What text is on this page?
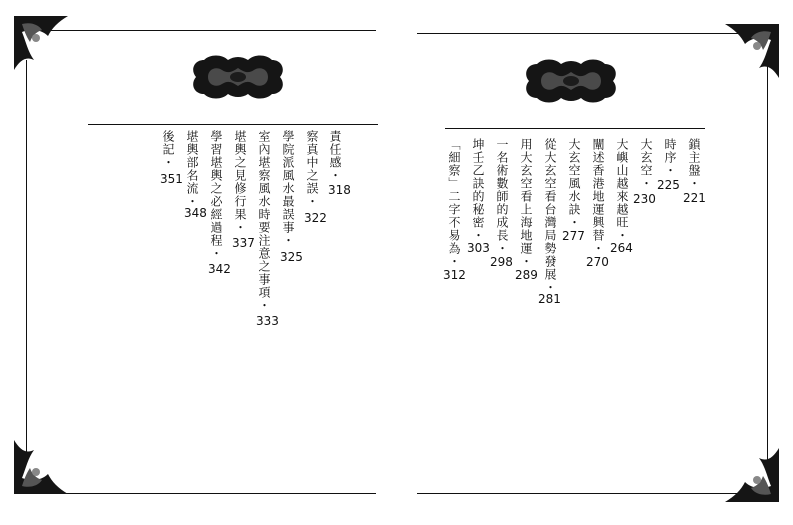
責任感・
318
察真中之誤・
322
學院派風水最誤事・
325
室內堪察風水時要注意之事項・
333
堪輿之見修行果・
337
學習堪輿之必經過程・
342
堪輿部名流・
348
後記・
351	鎖主盤・
221
時序・
225
大玄空・
230
大嶼山越來越旺・
264
闡述香港地運興替・
270
大玄空風水訣・
277
從大玄空看台灣局勢發展・
281
用大玄空看上海地運・
289
一名術數師的成長・
298
坤壬乙訣的秘密・
303
「細察」二字不易為・
312
